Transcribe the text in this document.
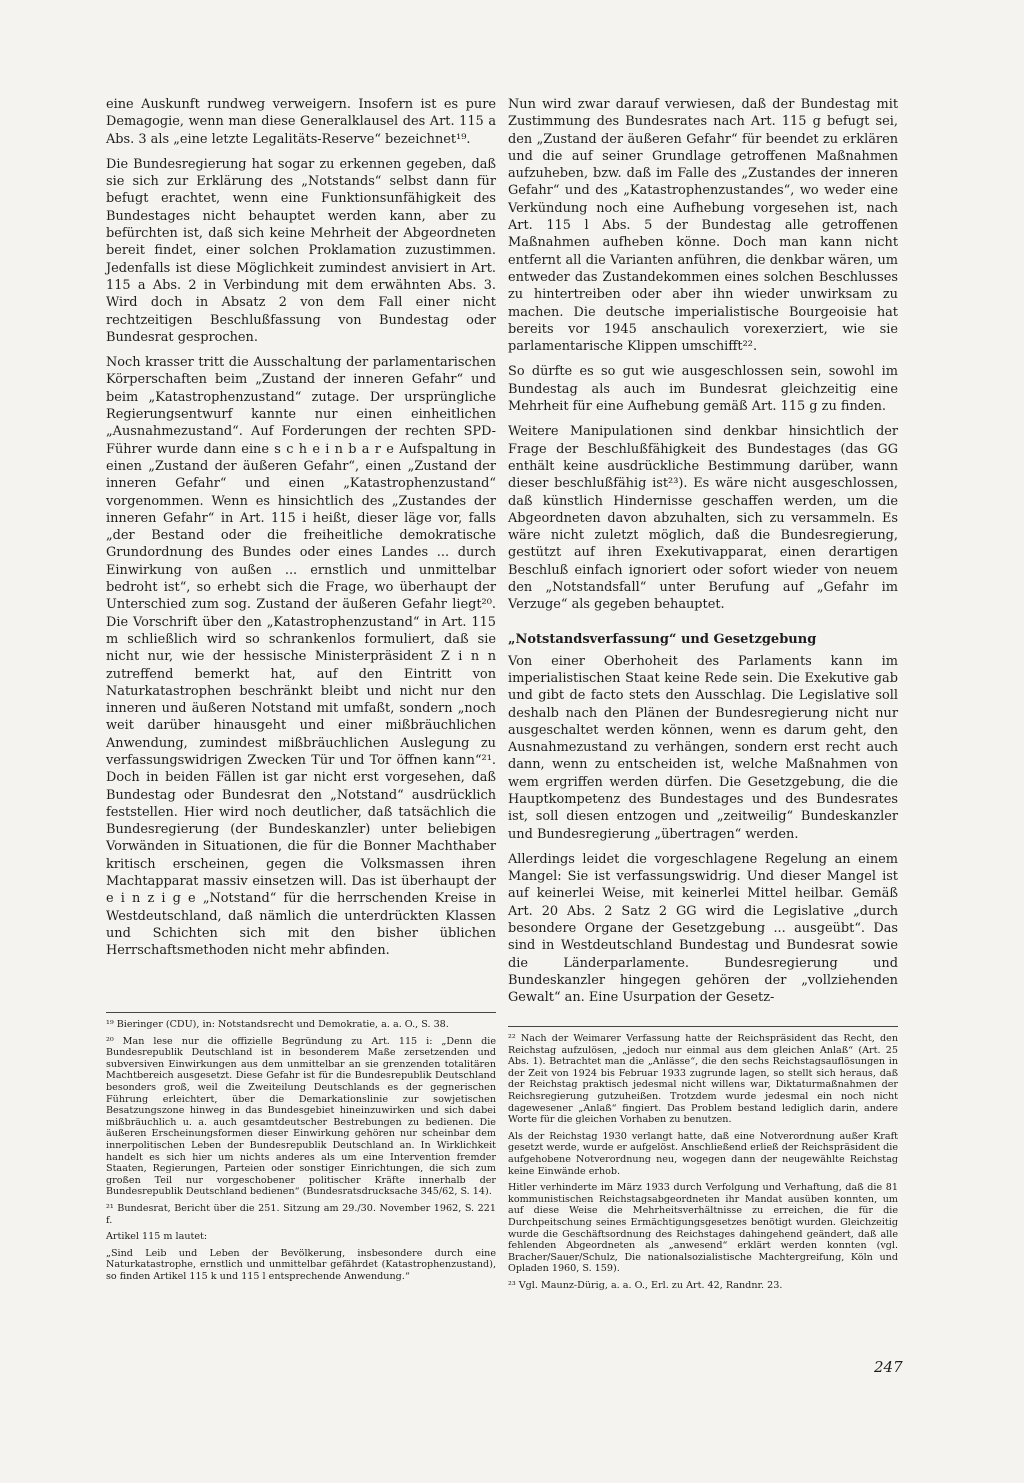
eine Auskunft rundweg verweigern. Insofern ist es pure Demagogie, wenn man diese Generalklausel des Art. 115 a Abs. 3 als „eine letzte Legalitäts-Reserve“ bezeichnet¹⁹.

Die Bundesregierung hat sogar zu erkennen gegeben, daß sie sich zur Erklärung des „Notstands“ selbst dann für befugt erachtet, wenn eine Funktionsunfähigkeit des Bundestages nicht behauptet werden kann, aber zu befürchten ist, daß sich keine Mehrheit der Abgeordneten bereit findet, einer solchen Proklamation zuzustimmen. Jedenfalls ist diese Möglichkeit zumindest anvisiert in Art. 115 a Abs. 2 in Verbindung mit dem erwähnten Abs. 3. Wird doch in Absatz 2 von dem Fall einer nicht rechtzeitigen Beschlußfassung von Bundestag oder Bundesrat gesprochen.

Noch krasser tritt die Ausschaltung der parlamentarischen Körperschaften beim „Zustand der inneren Gefahr“ und beim „Katastrophenzustand“ zutage. Der ursprüngliche Regierungsentwurf kannte nur einen einheitlichen „Ausnahmezustand“. Auf Forderungen der rechten SPD-Führer wurde dann eine s c h e i n b a r e Aufspaltung in einen „Zustand der äußeren Gefahr“, einen „Zustand der inneren Gefahr“ und einen „Katastrophenzustand“ vorgenommen. Wenn es hinsichtlich des „Zustandes der inneren Gefahr“ in Art. 115 i heißt, dieser läge vor, falls „der Bestand oder die freiheitliche demokratische Grundordnung des Bundes oder eines Landes ... durch Einwirkung von außen ... ernstlich und unmittelbar bedroht ist“, so erhebt sich die Frage, wo überhaupt der Unterschied zum sog. Zustand der äußeren Gefahr liegt²⁰. Die Vorschrift über den „Katastrophenzustand“ in Art. 115 m schließlich wird so schrankenlos formuliert, daß sie nicht nur, wie der hessische Ministerpräsident Z i n n zutreffend bemerkt hat, auf den Eintritt von Naturkatastrophen beschränkt bleibt und nicht nur den inneren und äußeren Notstand mit umfaßt, sondern „noch weit darüber hinausgeht und einer mißbräuchlichen Anwendung, zumindest mißbräuchlichen Auslegung zu verfassungswidrigen Zwecken Tür und Tor öffnen kann“²¹. Doch in beiden Fällen ist gar nicht erst vorgesehen, daß Bundestag oder Bundesrat den „Notstand“ ausdrücklich feststellen. Hier wird noch deutlicher, daß tatsächlich die Bundesregierung (der Bundeskanzler) unter beliebigen Vorwänden in Situationen, die für die Bonner Machthaber kritisch erscheinen, gegen die Volksmassen ihren Machtapparat massiv einsetzen will. Das ist überhaupt der e i n z i g e „Notstand“ für die herrschenden Kreise in Westdeutschland, daß nämlich die unterdrückten Klassen und Schichten sich mit den bisher üblichen Herrschaftsmethoden nicht mehr abfinden.

Nun wird zwar darauf verwiesen, daß der Bundestag mit Zustimmung des Bundesrates nach Art. 115 g befugt sei, den „Zustand der äußeren Gefahr“ für beendet zu erklären und die auf seiner Grundlage getroffenen Maßnahmen aufzuheben, bzw. daß im Falle des „Zustandes der inneren Gefahr“ und des „Katastrophenzustandes“, wo weder eine Verkündung noch eine Aufhebung vorgesehen ist, nach Art. 115 l Abs. 5 der Bundestag alle getroffenen Maßnahmen aufheben könne. Doch man kann nicht entfernt all die Varianten anführen, die denkbar wären, um entweder das Zustandekommen eines solchen Beschlusses zu hintertreiben oder aber ihn wieder unwirksam zu machen. Die deutsche imperialistische Bourgeoisie hat bereits vor 1945 anschaulich vorexerziert, wie sie parlamentarische Klippen umschifft²².

So dürfte es so gut wie ausgeschlossen sein, sowohl im Bundestag als auch im Bundesrat gleichzeitig eine Mehrheit für eine Aufhebung gemäß Art. 115 g zu finden.

Weitere Manipulationen sind denkbar hinsichtlich der Frage der Beschlußfähigkeit des Bundestages (das GG enthält keine ausdrückliche Bestimmung darüber, wann dieser beschlußfähig ist²³). Es wäre nicht ausgeschlossen, daß künstlich Hindernisse geschaffen werden, um die Abgeordneten davon abzuhalten, sich zu versammeln. Es wäre nicht zuletzt möglich, daß die Bundesregierung, gestützt auf ihren Exekutivapparat, einen derartigen Beschluß einfach ignoriert oder sofort wieder von neuem den „Notstandsfall“ unter Berufung auf „Gefahr im Verzuge“ als gegeben behauptet.

„Notstandsverfassung“ und Gesetzgebung

Von einer Oberhoheit des Parlaments kann im imperialistischen Staat keine Rede sein. Die Exekutive gab und gibt de facto stets den Ausschlag. Die Legislative soll deshalb nach den Plänen der Bundesregierung nicht nur ausgeschaltet werden können, wenn es darum geht, den Ausnahmezustand zu verhängen, sondern erst recht auch dann, wenn zu entscheiden ist, welche Maßnahmen von wem ergriffen werden dürfen. Die Gesetzgebung, die die Hauptkompetenz des Bundestages und des Bundesrates ist, soll diesen entzogen und „zeitweilig“ Bundeskanzler und Bundesregierung „übertragen“ werden.

Allerdings leidet die vorgeschlagene Regelung an einem Mangel: Sie ist verfassungswidrig. Und dieser Mangel ist auf keinerlei Weise, mit keinerlei Mittel heilbar. Gemäß Art. 20 Abs. 2 Satz 2 GG wird die Legislative „durch besondere Organe der Gesetzgebung ... ausgeübt“. Das sind in Westdeutschland Bundestag und Bundesrat sowie die Länderparlamente. Bundesregierung und Bundeskanzler hingegen gehören der „vollziehenden Gewalt“ an. Eine Usurpation der Gesetz-

¹⁹ Bieringer (CDU), in: Notstandsrecht und Demokratie, a. a. O., S. 38.

²⁰ Man lese nur die offizielle Begründung zu Art. 115 i: „Denn die Bundesrepublik Deutschland ist in besonderem Maße zersetzenden und subversiven Einwirkungen aus dem unmittelbar an sie grenzenden totalitären Machtbereich ausgesetzt. Diese Gefahr ist für die Bundesrepublik Deutschland besonders groß, weil die Zweiteilung Deutschlands es der gegnerischen Führung erleichtert, über die Demarkationslinie zur sowjetischen Besatzungszone hinweg in das Bundesgebiet hineinzuwirken und sich dabei mißbräuchlich u. a. auch gesamtdeutscher Bestrebungen zu bedienen. Die äußeren Erscheinungsformen dieser Einwirkung gehören nur scheinbar dem innerpolitischen Leben der Bundesrepublik Deutschland an. In Wirklichkeit handelt es sich hier um nichts anderes als um eine Intervention fremder Staaten, Regierungen, Parteien oder sonstiger Einrichtungen, die sich zum großen Teil nur vorgeschobener politischer Kräfte innerhalb der Bundesrepublik Deutschland bedienen“ (Bundesratsdrucksache 345/62, S. 14).

²¹ Bundesrat, Bericht über die 251. Sitzung am 29./30. November 1962, S. 221 f.

Artikel 115 m lautet:

„Sind Leib und Leben der Bevölkerung, insbesondere durch eine Naturkatastrophe, ernstlich und unmittelbar gefährdet (Katastrophenzustand), so finden Artikel 115 k und 115 l entsprechende Anwendung.“

²² Nach der Weimarer Verfassung hatte der Reichspräsident das Recht, den Reichstag aufzulösen, „jedoch nur einmal aus dem gleichen Anlaß“ (Art. 25 Abs. 1). Betrachtet man die „Anlässe“, die den sechs Reichstagsauflösungen in der Zeit von 1924 bis Februar 1933 zugrunde lagen, so stellt sich heraus, daß der Reichstag praktisch jedesmal nicht willens war, Diktaturmaßnahmen der Reichsregierung gutzuheißen. Trotzdem wurde jedesmal ein noch nicht dagewesener „Anlaß“ fingiert. Das Problem bestand lediglich darin, andere Worte für die gleichen Vorhaben zu benutzen.

Als der Reichstag 1930 verlangt hatte, daß eine Notverordnung außer Kraft gesetzt werde, wurde er aufgelöst. Anschließend erließ der Reichspräsident die aufgehobene Notverordnung neu, wogegen dann der neugewählte Reichstag keine Einwände erhob.

Hitler verhinderte im März 1933 durch Verfolgung und Verhaftung, daß die 81 kommunistischen Reichstagsabgeordneten ihr Mandat ausüben konnten, um auf diese Weise die Mehrheitsverhältnisse zu erreichen, die für die Durchpeitschung seines Ermächtigungsgesetzes benötigt wurden. Gleichzeitig wurde die Geschäftsordnung des Reichstages dahingehend geändert, daß alle fehlenden Abgeordneten als „anwesend“ erklärt werden konnten (vgl. Bracher/Sauer/Schulz, Die nationalsozialistische Machtergreifung, Köln und Opladen 1960, S. 159).

²³ Vgl. Maunz-Dürig, a. a. O., Erl. zu Art. 42, Randnr. 23.

247
